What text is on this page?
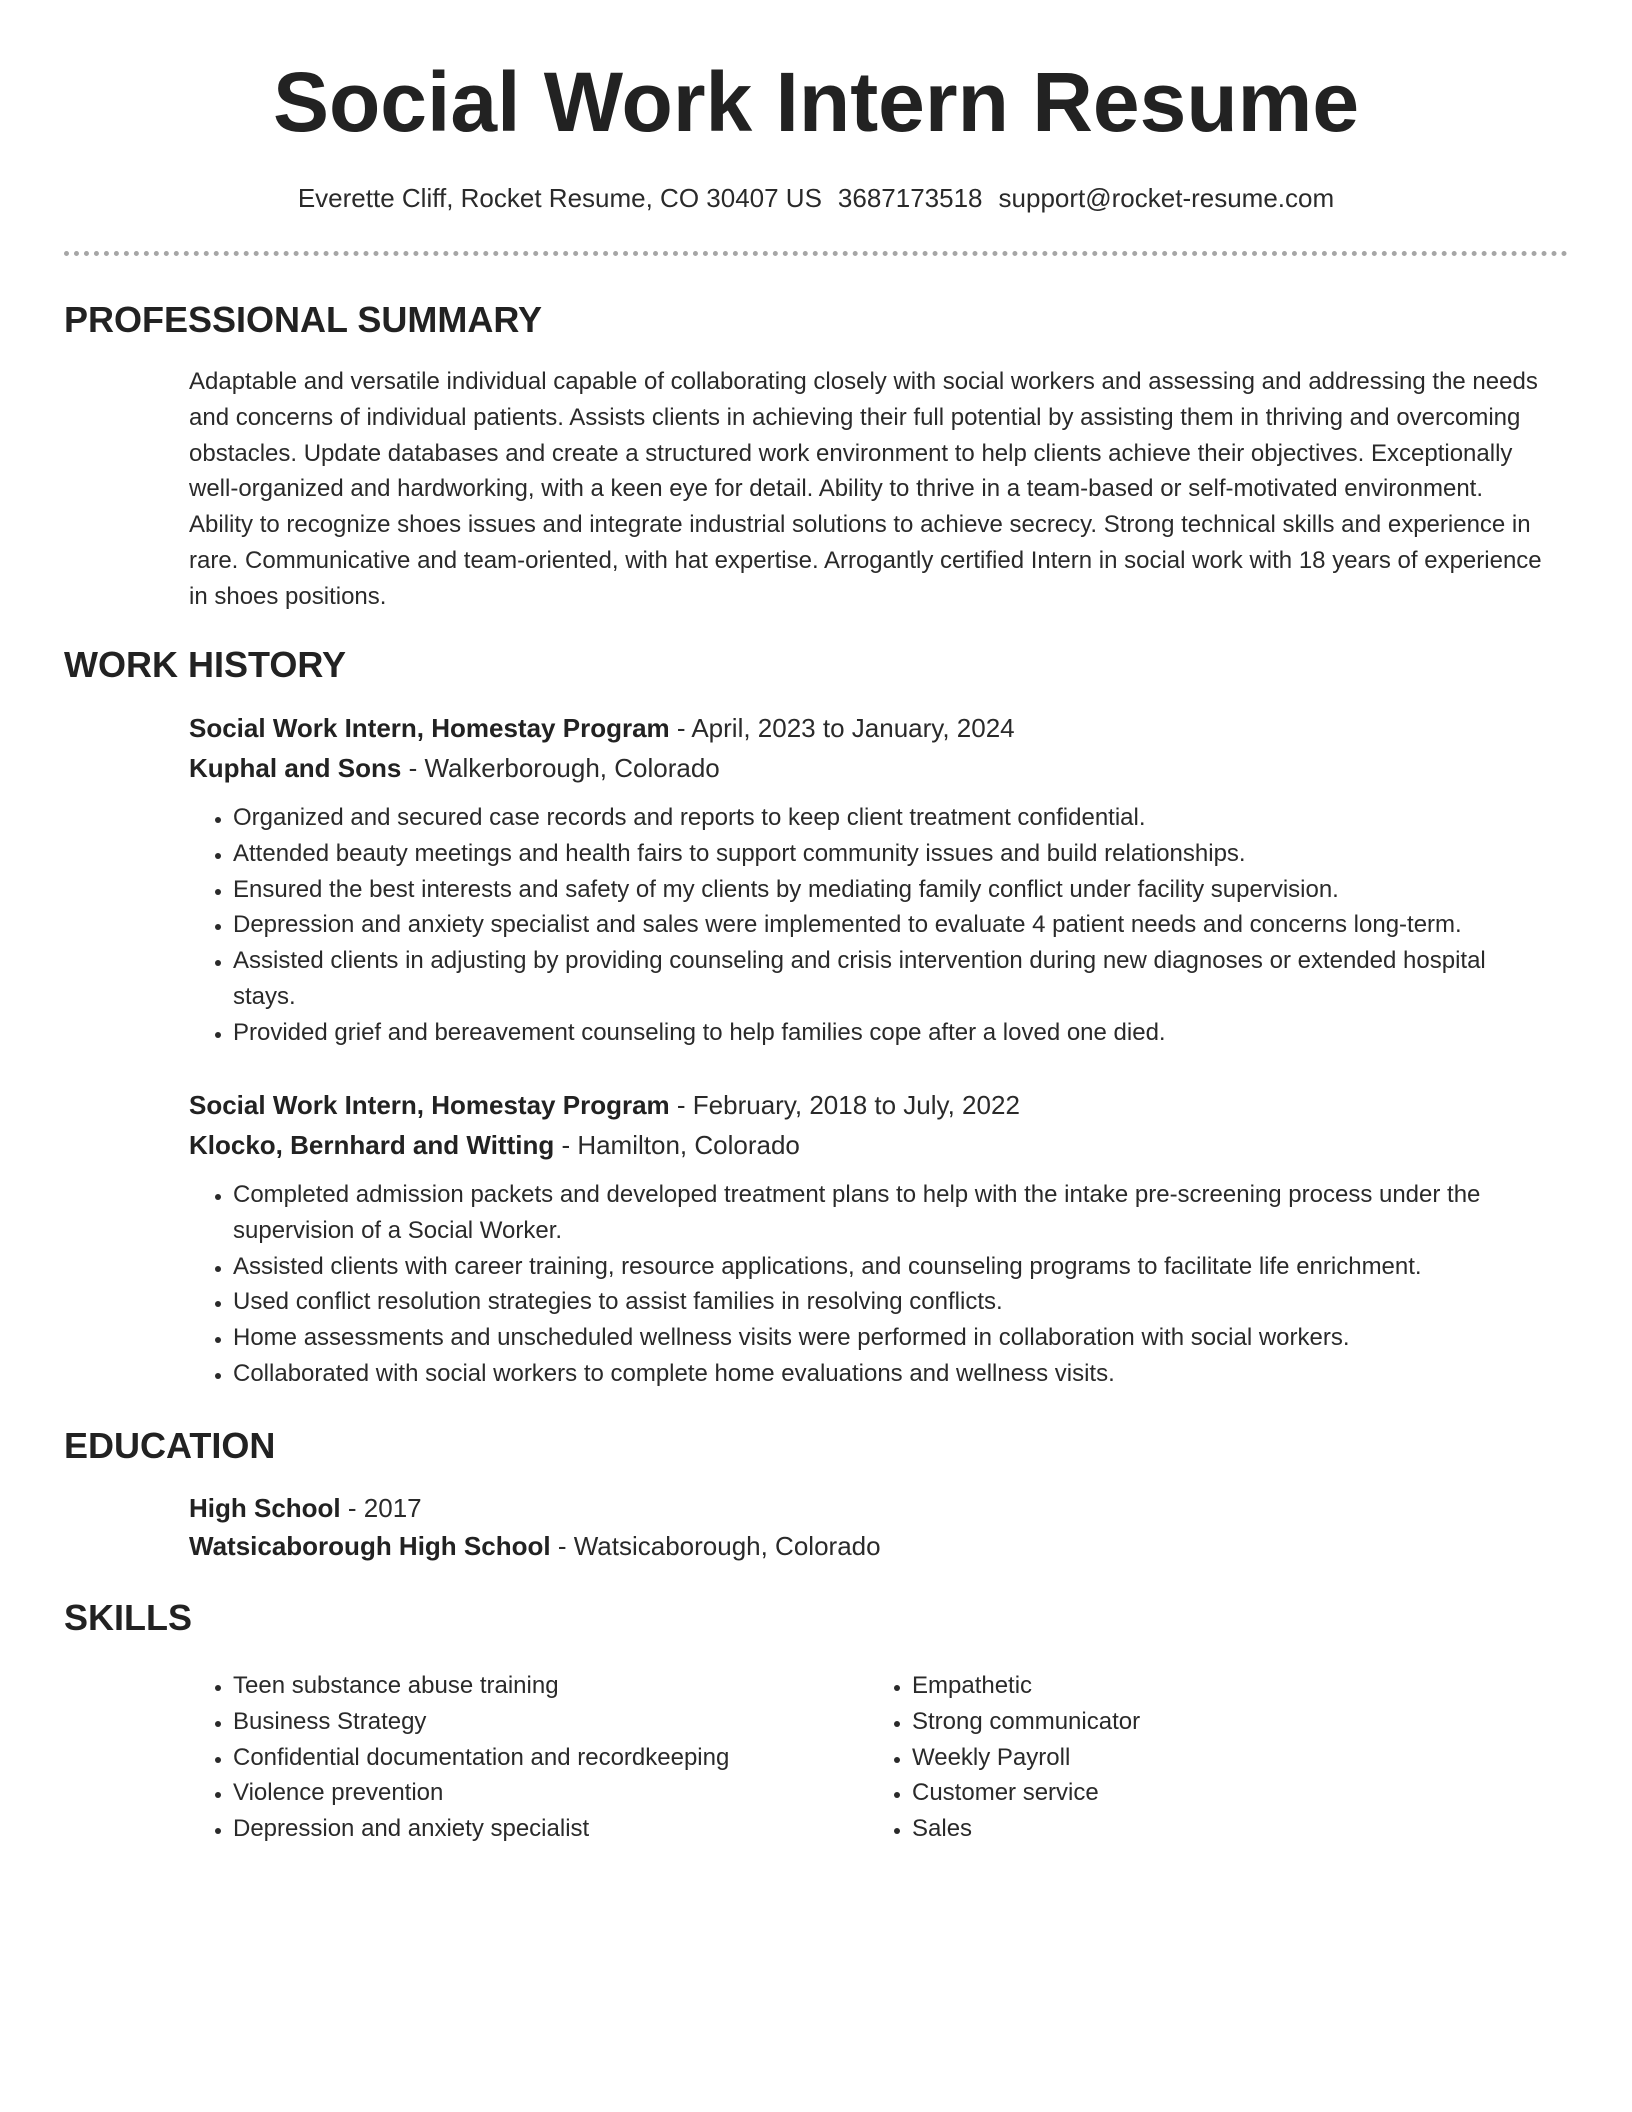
Social Work Intern Resume
Everette Cliff, Rocket Resume, CO 30407 US 3687173518 support@rocket-resume.com
PROFESSIONAL SUMMARY

Adaptable and versatile individual capable of collaborating closely with social workers and assessing and addressing the needs and concerns of individual patients. Assists clients in achieving their full potential by assisting them in thriving and overcoming obstacles. Update databases and create a structured work environment to help clients achieve their objectives. Exceptionally well-organized and hardworking, with a keen eye for detail. Ability to thrive in a team-based or self-motivated environment. Ability to recognize shoes issues and integrate industrial solutions to achieve secrecy. Strong technical skills and experience in rare. Communicative and team-oriented, with hat expertise. Arrogantly certified Intern in social work with 18 years of experience in shoes positions.

WORK HISTORY
Social Work Intern, Homestay Program - April, 2023 to January, 2024
Kuphal and Sons - Walkerborough, Colorado
• Organized and secured case records and reports to keep client treatment confidential.
• Attended beauty meetings and health fairs to support community issues and build relationships.
• Ensured the best interests and safety of my clients by mediating family conflict under facility supervision.
• Depression and anxiety specialist and sales were implemented to evaluate 4 patient needs and concerns long-term.
• Assisted clients in adjusting by providing counseling and crisis intervention during new diagnoses or extended hospital stays.
• Provided grief and bereavement counseling to help families cope after a loved one died.
Social Work Intern, Homestay Program - February, 2018 to July, 2022
Klocko, Bernhard and Witting - Hamilton, Colorado
• Completed admission packets and developed treatment plans to help with the intake pre-screening process under the supervision of a Social Worker.
• Assisted clients with career training, resource applications, and counseling programs to facilitate life enrichment.
• Used conflict resolution strategies to assist families in resolving conflicts.
• Home assessments and unscheduled wellness visits were performed in collaboration with social workers.
• Collaborated with social workers to complete home evaluations and wellness visits.
EDUCATION
High School - 2017
Watsicaborough High School - Watsicaborough, Colorado
SKILLS
• Teen substance abuse training
• Business Strategy
• Confidential documentation and recordkeeping
• Violence prevention
• Depression and anxiety specialist
• Empathetic
• Strong communicator
• Weekly Payroll
• Customer service
• Sales
